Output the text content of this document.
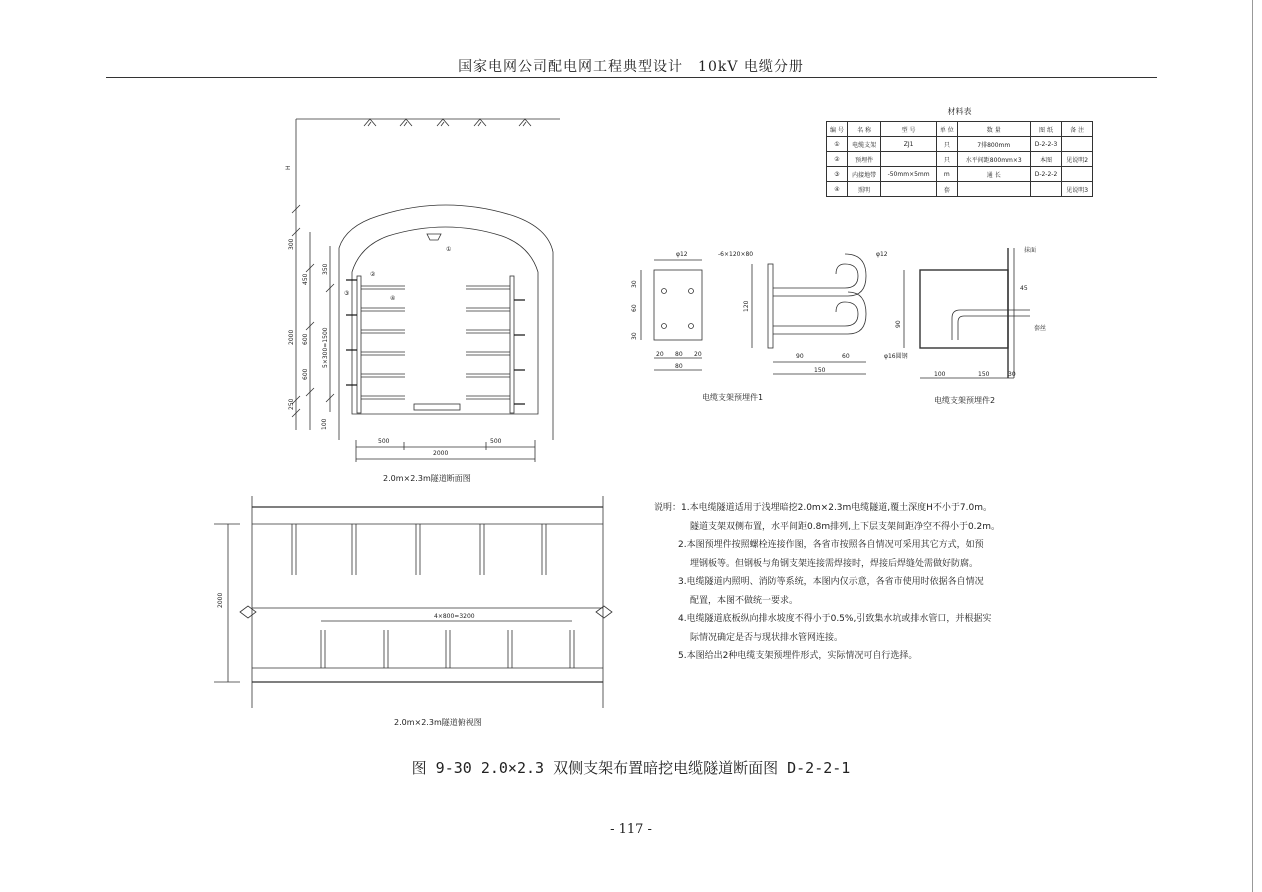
国家电网公司配电网工程典型设计　10kV 电缆分册
H
300
2000
250
100
450
600
600
350
5×300=1500
500
2000
500
①
②
③
④
2.0m×2.3m隧道断面图
φ12	-6×120×80	φ12
30
60
30
20 80 20
80
120
90	60
150
电缆支架预埋件1
抹面
45
90
套丝
φ16圆钢
100	150	30
电缆支架预埋件2
2000
4×800=3200
2.0m×2.3m隧道俯视图
材料表
编 号	名 称	型 号	单 位	数 量	图 纸	备 注
①	电缆支架	ZJ1	只	7排800mm	D-2-2-3	
②	预埋件		只	水平间距800mm×3	本图	见说明2
③	内接地带	-50mm×5mm	m	通 长	D-2-2-2	
④	照明		套			见说明3
说明：1.本电缆隧道适用于浅埋暗挖2.0m×2.3m电缆隧道,覆土深度H不小于7.0m。
隧道支架双侧布置，水平间距0.8m排列,上下层支架间距净空不得小于0.2m。
2.本图预埋件按照螺栓连接作图，各省市按照各自情况可采用其它方式，如预
埋钢板等。但钢板与角钢支架连接需焊接时，焊接后焊缝处需做好防腐。
3.电缆隧道内照明、消防等系统，本图内仅示意，各省市使用时依据各自情况
配置，本图不做统一要求。
4.电缆隧道底板纵向排水坡度不得小于0.5%,引致集水坑或排水管口，并根据实
际情况确定是否与现状排水管网连接。
5.本图给出2种电缆支架预埋件形式，实际情况可自行选择。
图 9-30 2.0×2.3 双侧支架布置暗挖电缆隧道断面图 D-2-2-1
- 117 -
